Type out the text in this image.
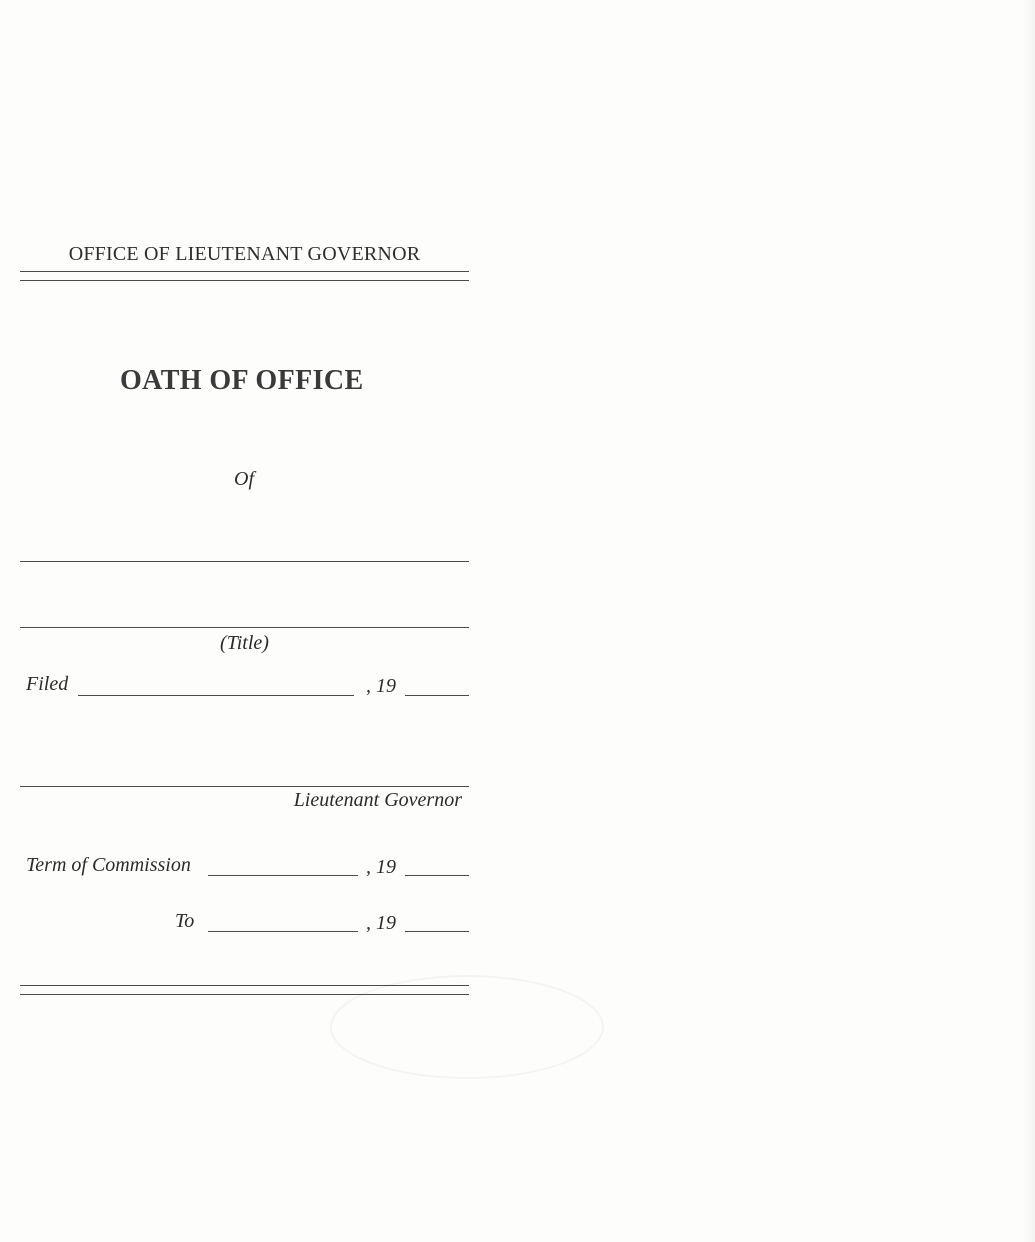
OFFICE OF LIEUTENANT GOVERNOR
OATH OF OFFICE
Of
(Title)
Filed	, 19
Lieutenant Governor
Term of Commission	, 19
To	, 19
